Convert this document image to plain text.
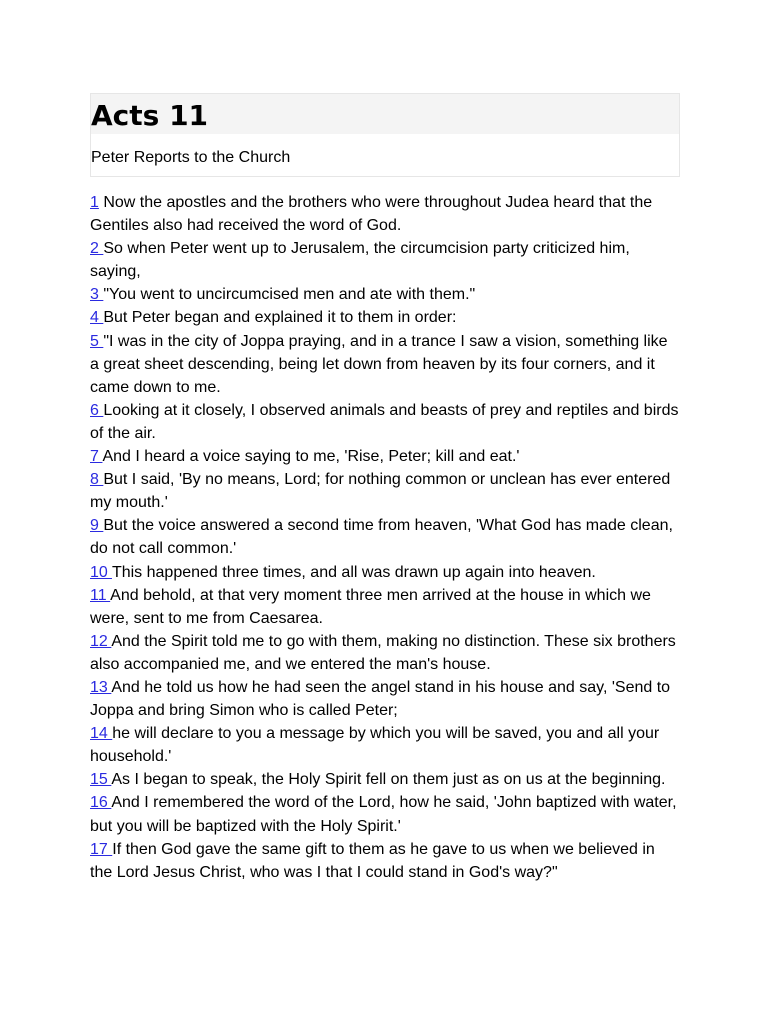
Acts 11
Peter Reports to the Church
1 Now the apostles and the brothers who were throughout Judea heard that the Gentiles also had received the word of God.
2 So when Peter went up to Jerusalem, the circumcision party criticized him, saying,
3 "You went to uncircumcised men and ate with them."
4 But Peter began and explained it to them in order:
5 "I was in the city of Joppa praying, and in a trance I saw a vision, something like a great sheet descending, being let down from heaven by its four corners, and it came down to me.
6 Looking at it closely, I observed animals and beasts of prey and reptiles and birds of the air.
7 And I heard a voice saying to me, 'Rise, Peter; kill and eat.'
8 But I said, 'By no means, Lord; for nothing common or unclean has ever entered my mouth.'
9 But the voice answered a second time from heaven, 'What God has made clean, do not call common.'
10 This happened three times, and all was drawn up again into heaven.
11 And behold, at that very moment three men arrived at the house in which we were, sent to me from Caesarea.
12 And the Spirit told me to go with them, making no distinction. These six brothers also accompanied me, and we entered the man's house.
13 And he told us how he had seen the angel stand in his house and say, 'Send to Joppa and bring Simon who is called Peter;
14 he will declare to you a message by which you will be saved, you and all your household.'
15 As I began to speak, the Holy Spirit fell on them just as on us at the beginning.
16 And I remembered the word of the Lord, how he said, 'John baptized with water, but you will be baptized with the Holy Spirit.'
17 If then God gave the same gift to them as he gave to us when we believed in the Lord Jesus Christ, who was I that I could stand in God's way?"
